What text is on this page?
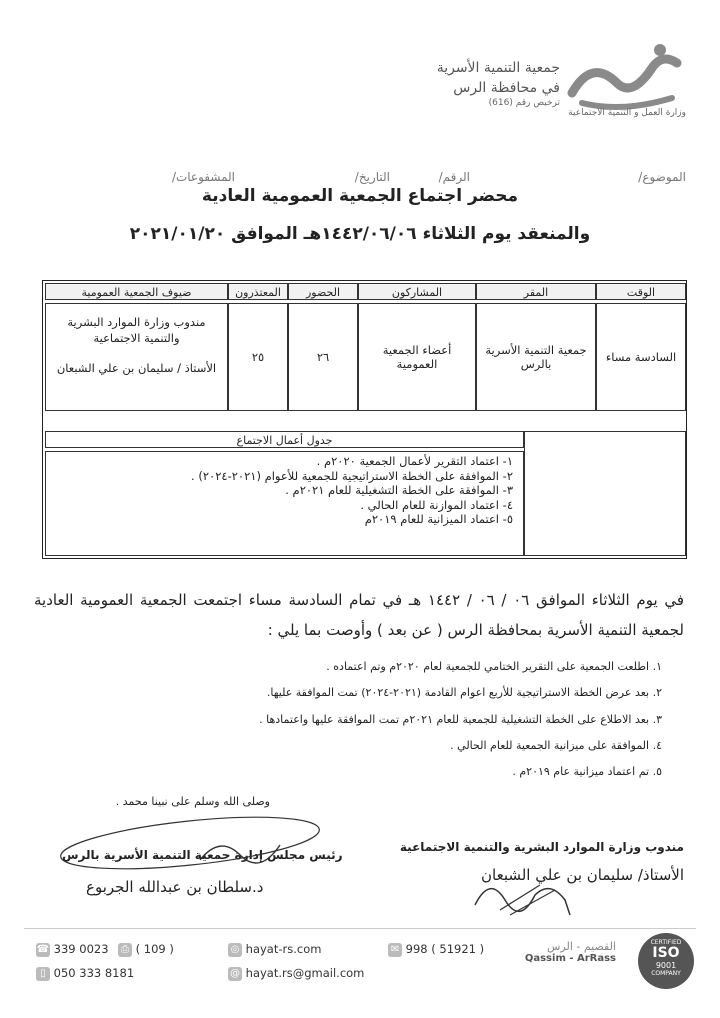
جمعية التنمية الأسرية
في محافظة الرس
ترخيص رقم (616)
وزارة العمل و التنمية الاجتماعية
الموضوع/
الرقم/
التاريخ/
المشفوعات/
محضر اجتماع الجمعية العمومية العادية
والمنعقد يوم الثلاثاء ١٤٤٢/٠٦/٠٦هـ الموافق ٢٠٢١/٠١/٢٠
الوقت
المقر
المشاركون
الحضور
المعتذرون
ضيوف الجمعية العمومية
السادسة مساء
جمعية التنمية الأسرية بالرس
أعضاء الجمعية العمومية
٢٦
٢٥
مندوب وزارة الموارد البشرية والتنمية الاجتماعية
الأستاذ / سليمان بن علي الشبعان
جدول أعمال الاجتماع
١- اعتماد التقرير لأعمال الجمعية ٢٠٢٠م .
٢- الموافقة على الخطة الاستراتيجية للجمعية للأعوام (٢٠٢١-٢٠٢٤) .
٣- الموافقة على الخطة التشغيلية للعام ٢٠٢١م .
٤- اعتماد الموازنة للعام الحالي .
٥- اعتماد الميزانية للعام ٢٠١٩م
في يوم الثلاثاء الموافق ٠٦ / ٠٦ / ١٤٤٢ هـ في تمام السادسة مساء اجتمعت الجمعية العمومية العادية لجمعية التنمية الأسرية بمحافظة الرس ( عن بعد ) وأوصت بما يلي :
١. اطلعت الجمعية على التقرير الختامي للجمعية لعام ٢٠٢٠م وتم اعتماده .
٢. بعد عرض الخطة الاستراتيجية للأربع اعوام القادمة (٢٠٢١-٢٠٢٤) تمت الموافقة عليها.
٣. بعد الاطلاع على الخطة التشغيلية للجمعية للعام ٢٠٢١م تمت الموافقة عليها واعتمادها .
٤. الموافقة على ميزانية الجمعية للعام الحالي .
٥. تم اعتماد ميزانية عام ٢٠١٩م .
وصلى الله وسلم على نبينا محمد .
مندوب وزارة الموارد البشرية والتنمية الاجتماعية
الأستاذ/ سليمان بن علي الشبعان
رئيس مجلس إدارة جمعية التنمية الأسرية بالرس
د.سلطان بن عبدالله الجربوع
☎ 339 0023	⎙ ( 109 )
▯ 050 333 8181
◎ hayat-rs.com
@ hayat.rs@gmail.com
✉ 998 ( 51921 )	القصيم - الرس
Qassim - ArRass
CERTIFIED
ISO
9001
COMPANY
